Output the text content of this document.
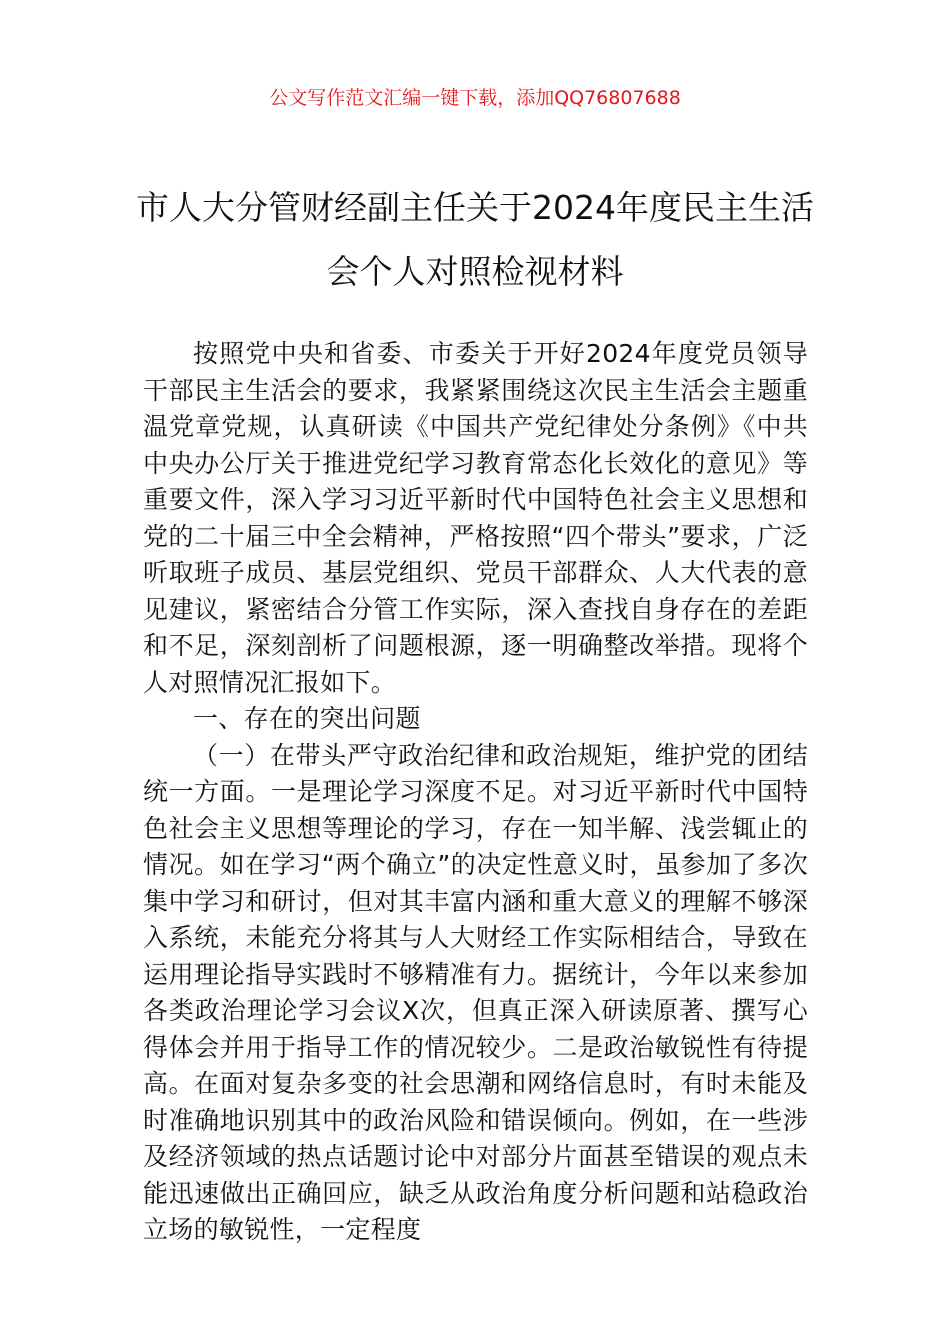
公文写作范文汇编一键下载，添加QQ76807688
市人大分管财经副主任关于2024年度民主生活会个人对照检视材料

按照党中央和省委、市委关于开好2024年度党员领导干部民主生活会的要求，我紧紧围绕这次民主生活会主题重温党章党规，认真研读《中国共产党纪律处分条例》《中共中央办公厅关于推进党纪学习教育常态化长效化的意见》等重要文件，深入学习习近平新时代中国特色社会主义思想和党的二十届三中全会精神，严格按照“四个带头”要求，广泛听取班子成员、基层党组织、党员干部群众、人大代表的意见建议，紧密结合分管工作实际，深入查找自身存在的差距和不足，深刻剖析了问题根源，逐一明确整改举措。现将个人对照情况汇报如下。

一、存在的突出问题

（一）在带头严守政治纪律和政治规矩，维护党的团结统一方面。一是理论学习深度不足。对习近平新时代中国特色社会主义思想等理论的学习，存在一知半解、浅尝辄止的情况。如在学习“两个确立”的决定性意义时，虽参加了多次集中学习和研讨，但对其丰富内涵和重大意义的理解不够深入系统，未能充分将其与人大财经工作实际相结合，导致在运用理论指导实践时不够精准有力。据统计，今年以来参加各类政治理论学习会议X次，但真正深入研读原著、撰写心得体会并用于指导工作的情况较少。二是政治敏锐性有待提高。在面对复杂多变的社会思潮和网络信息时，有时未能及时准确地识别其中的政治风险和错误倾向。例如，在一些涉及经济领域的热点话题讨论中对部分片面甚至错误的观点未能迅速做出正确回应，缺乏从政治角度分析问题和站稳政治立场的敏锐性，一定程度
